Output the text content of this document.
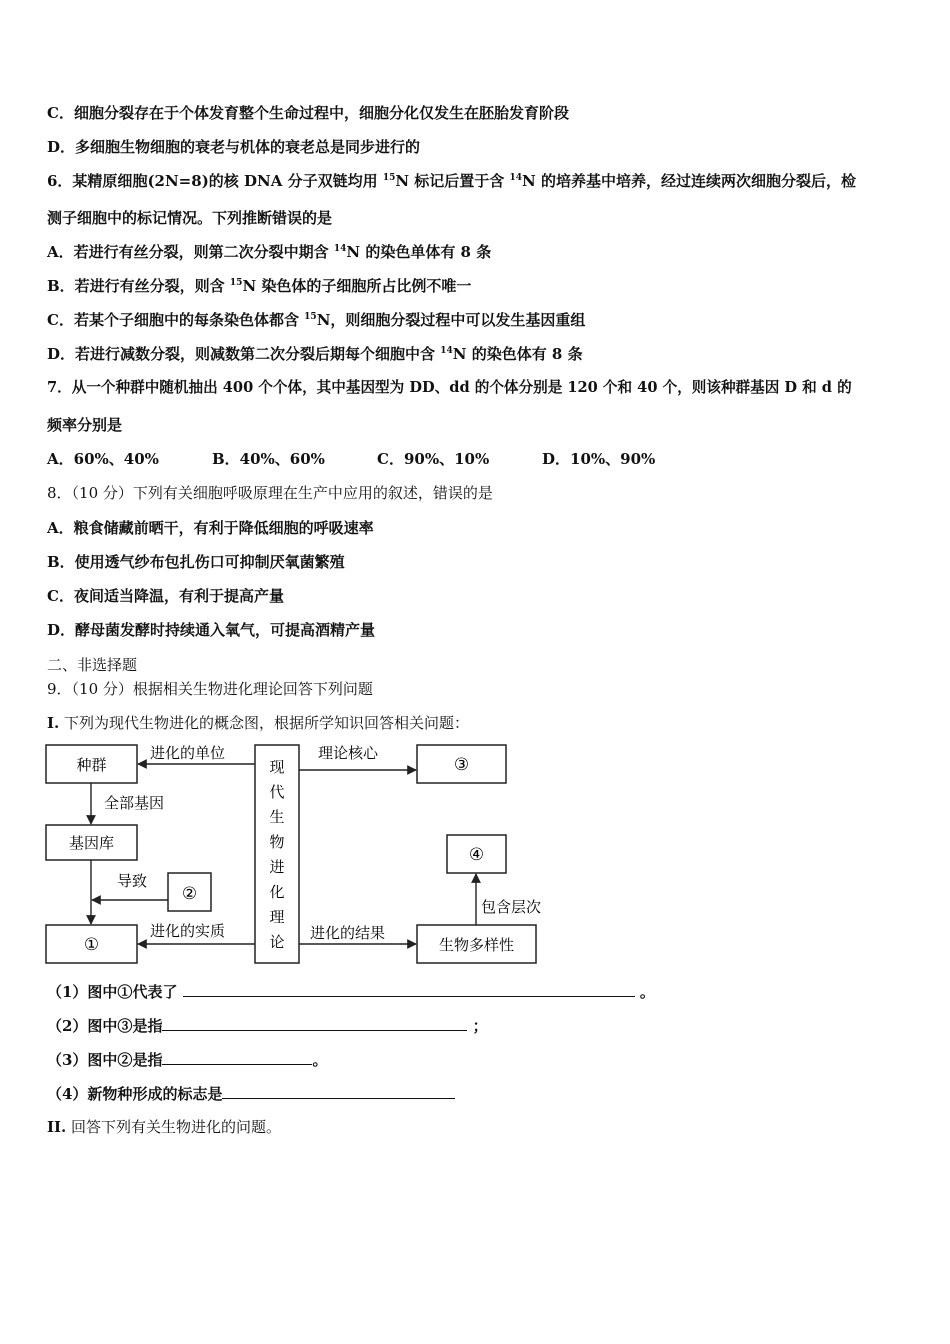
C．细胞分裂存在于个体发育整个生命过程中，细胞分化仅发生在胚胎发育阶段
D．多细胞生物细胞的衰老与机体的衰老总是同步进行的
6．某精原细胞(2N=8)的核 DNA 分子双链均用 $^{15}$N 标记后置于含 $^{14}$N 的培养基中培养，经过连续两次细胞分裂后，检
测子细胞中的标记情况。下列推断错误的是
A．若进行有丝分裂，则第二次分裂中期含 $^{14}$N 的染色单体有 8 条
B．若进行有丝分裂，则含 $^{15}$N 染色体的子细胞所占比例不唯一
C．若某个子细胞中的每条染色体都含 $^{15}$N，则细胞分裂过程中可以发生基因重组
D．若进行减数分裂，则减数第二次分裂后期每个细胞中含 $^{14}$N 的染色体有 8 条
7．从一个种群中随机抽出 400 个个体，其中基因型为 DD、dd 的个体分别是 120 个和 40 个，则该种群基因 D 和 d 的
频率分别是
A．60%、40%	B．40%、60%	C．90%、10%	D．10%、90%
8．（10 分）下列有关细胞呼吸原理在生产中应用的叙述，错误的是
A．粮食储藏前晒干，有利于降低细胞的呼吸速率
B．使用透气纱布包扎伤口可抑制厌氧菌繁殖
C．夜间适当降温，有利于提高产量
D．酵母菌发酵时持续通入氧气，可提高酒精产量
二、非选择题
9．（10 分）根据相关生物进化理论回答下列问题
I. 下列为现代生物进化的概念图，根据所学知识回答相关问题：
种群
基因库
①
②
现
代
生
物
进
化
理
论
③
④
生物多样性
进化的单位
全部基因
导致
进化的实质
理论核心
进化的结果
包含层次
（1）图中①代表了	。
（2）图中③是指	；
（3）图中②是指	。
（4）新物种形成的标志是
II. 回答下列有关生物进化的问题。
